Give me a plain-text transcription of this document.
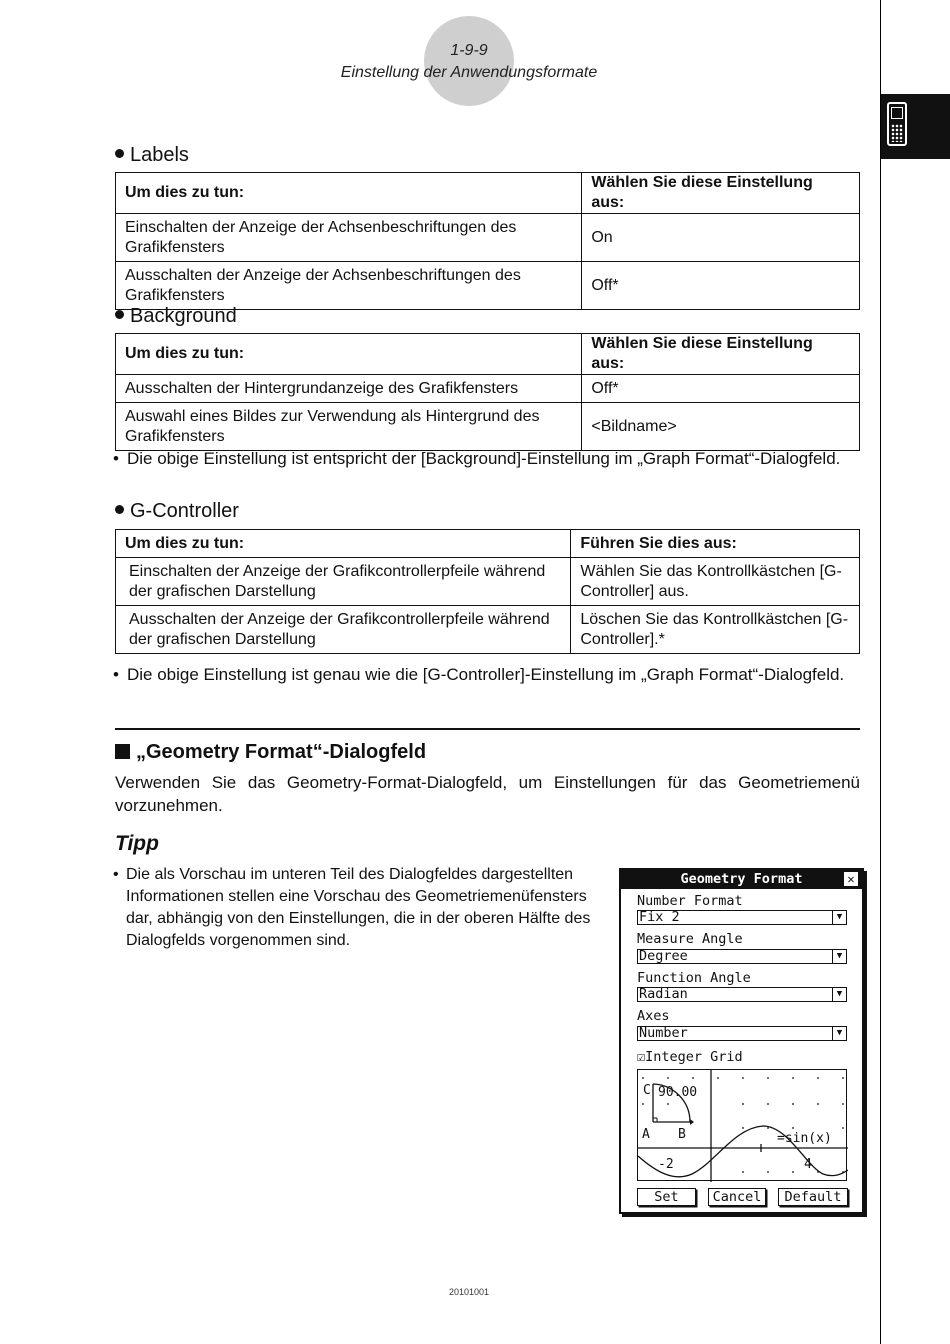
1-9-9
Einstellung der Anwendungsformate
Labels
Um dies zu tun:	Wählen Sie diese Einstellung aus:
Einschalten der Anzeige der Achsenbeschriftungen des Grafikfensters	On
Ausschalten der Anzeige der Achsenbeschriftungen des Grafikfensters	Off*
Background
Um dies zu tun:	Wählen Sie diese Einstellung aus:
Ausschalten der Hintergrundanzeige des Grafikfensters	Off*
Auswahl eines Bildes zur Verwendung als Hintergrund des Grafikfensters	<Bildname>
• Die obige Einstellung ist entspricht der [Background]-Einstellung im „Graph Format“-Dialogfeld.
G-Controller
Um dies zu tun:	Führen Sie dies aus:
Einschalten der Anzeige der Grafikcontrollerpfeile während der grafischen Darstellung	Wählen Sie das Kontrollkästchen [G-Controller] aus.
Ausschalten der Anzeige der Grafikcontrollerpfeile während der grafischen Darstellung	Löschen Sie das Kontrollkästchen [G-Controller].*
• Die obige Einstellung ist genau wie die [G-Controller]-Einstellung im „Graph Format“-Dialogfeld.
„Geometry Format“-Dialogfeld
Verwenden Sie das Geometry-Format-Dialogfeld, um Einstellungen für das Geometriemenü vorzunehmen.
Tipp
• Die als Vorschau im unteren Teil des Dialogfeldes dargestellten Informationen stellen eine Vorschau des Geometriemenüfensters dar, abhängig von den Einstellungen, die in der oberen Hälfte des Dialogfelds vorgenommen sind.
Geometry Format	✕
Number Format
Fix 2	▼
Measure Angle
Degree	▼
Function Angle
Radian	▼
Axes
Number	▼
☑Integer Grid
C 90.00
A B	=sin(x)
-2	4
Set	Cancel	Default
20101001
